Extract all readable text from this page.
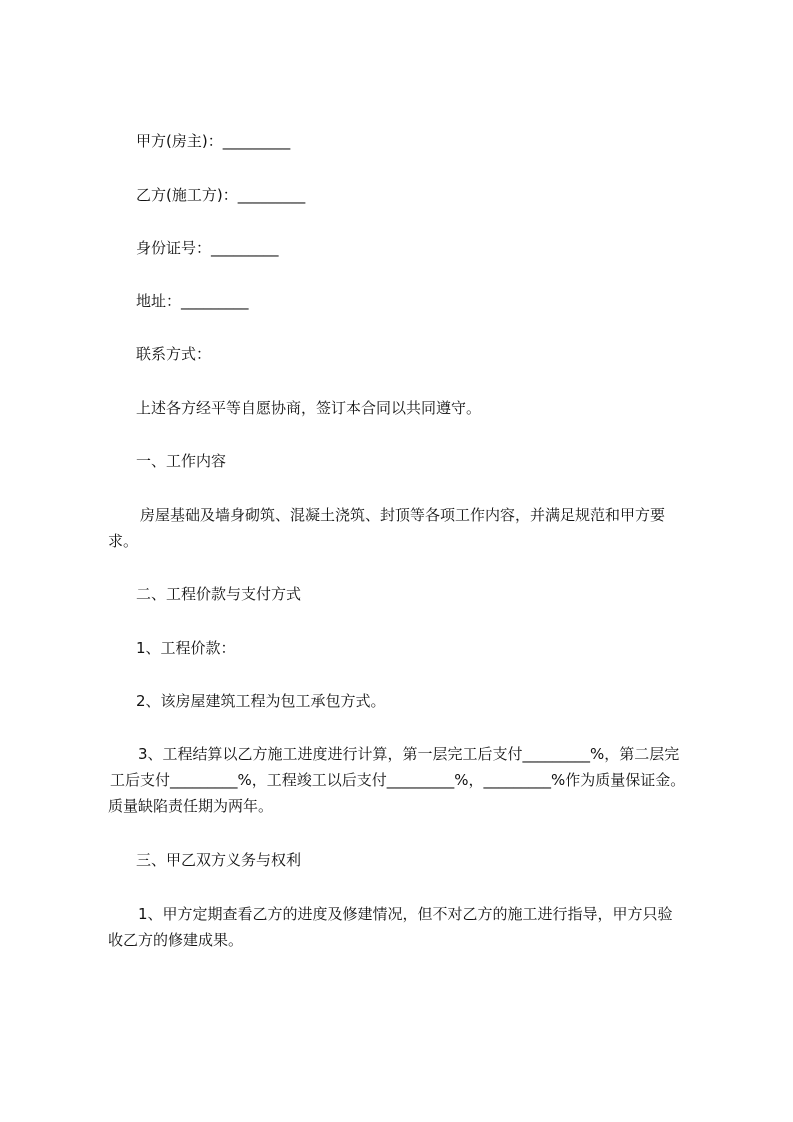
甲方(房主)：_________
乙方(施工方)：_________
身份证号：_________
地址：_________
联系方式：
上述各方经平等自愿协商，签订本合同以共同遵守。
一、工作内容

房屋基础及墙身砌筑、混凝土浇筑、封顶等各项工作内容，并满足规范和甲方要

求。

二、工程价款与支付方式
1、工程价款：
2、该房屋建筑工程为包工承包方式。

3、工程结算以乙方施工进度进行计算，第一层完工后支付_________%，第二层完

工后支付_________%，工程竣工以后支付_________%，_________%作为质量保证金。

质量缺陷责任期为两年。

三、甲乙双方义务与权利

1、甲方定期查看乙方的进度及修建情况，但不对乙方的施工进行指导，甲方只验

收乙方的修建成果。
